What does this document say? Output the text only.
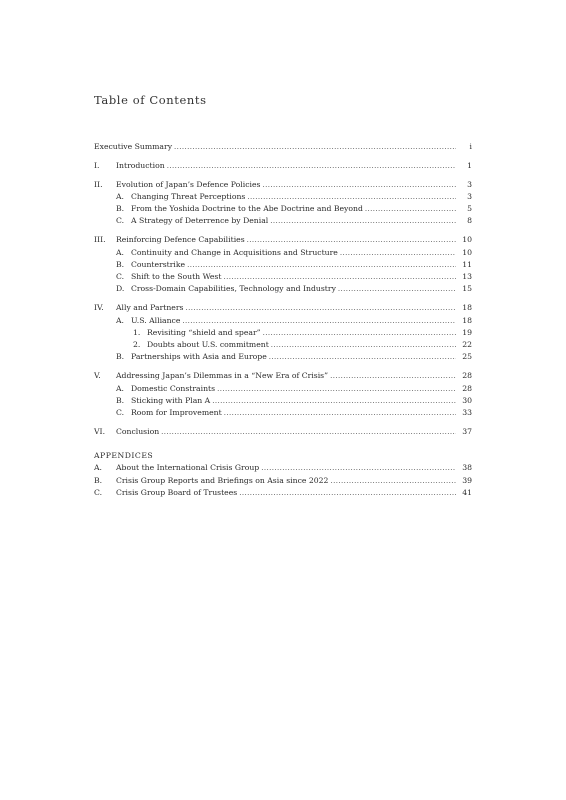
Table of Contents
Executive Summary .....	i
I.	Introduction .....	1
II.	Evolution of Japan’s Defence Policies .....	3
A. Changing Threat Perceptions .....	3
B. From the Yoshida Doctrine to the Abe Doctrine and Beyond .....	5
C. A Strategy of Deterrence by Denial .....	8
III.	Reinforcing Defence Capabilities .....	10
A. Continuity and Change in Acquisitions and Structure .....	10
B. Counterstrike .....	11
C. Shift to the South West .....	13
D. Cross-Domain Capabilities, Technology and Industry .....	15
IV.	Ally and Partners .....	18
A. U.S. Alliance .....	18
1. Revisiting “shield and spear” .....	19
2. Doubts about U.S. commitment .....	22
B. Partnerships with Asia and Europe .....	25
V.	Addressing Japan’s Dilemmas in a “New Era of Crisis” .....	28
A. Domestic Constraints .....	28
B. Sticking with Plan A .....	30
C. Room for Improvement .....	33
VI.	Conclusion .....	37
APPENDICES
A.	About the International Crisis Group .....	38
B.	Crisis Group Reports and Briefings on Asia since 2022 .....	39
C.	Crisis Group Board of Trustees .....	41
